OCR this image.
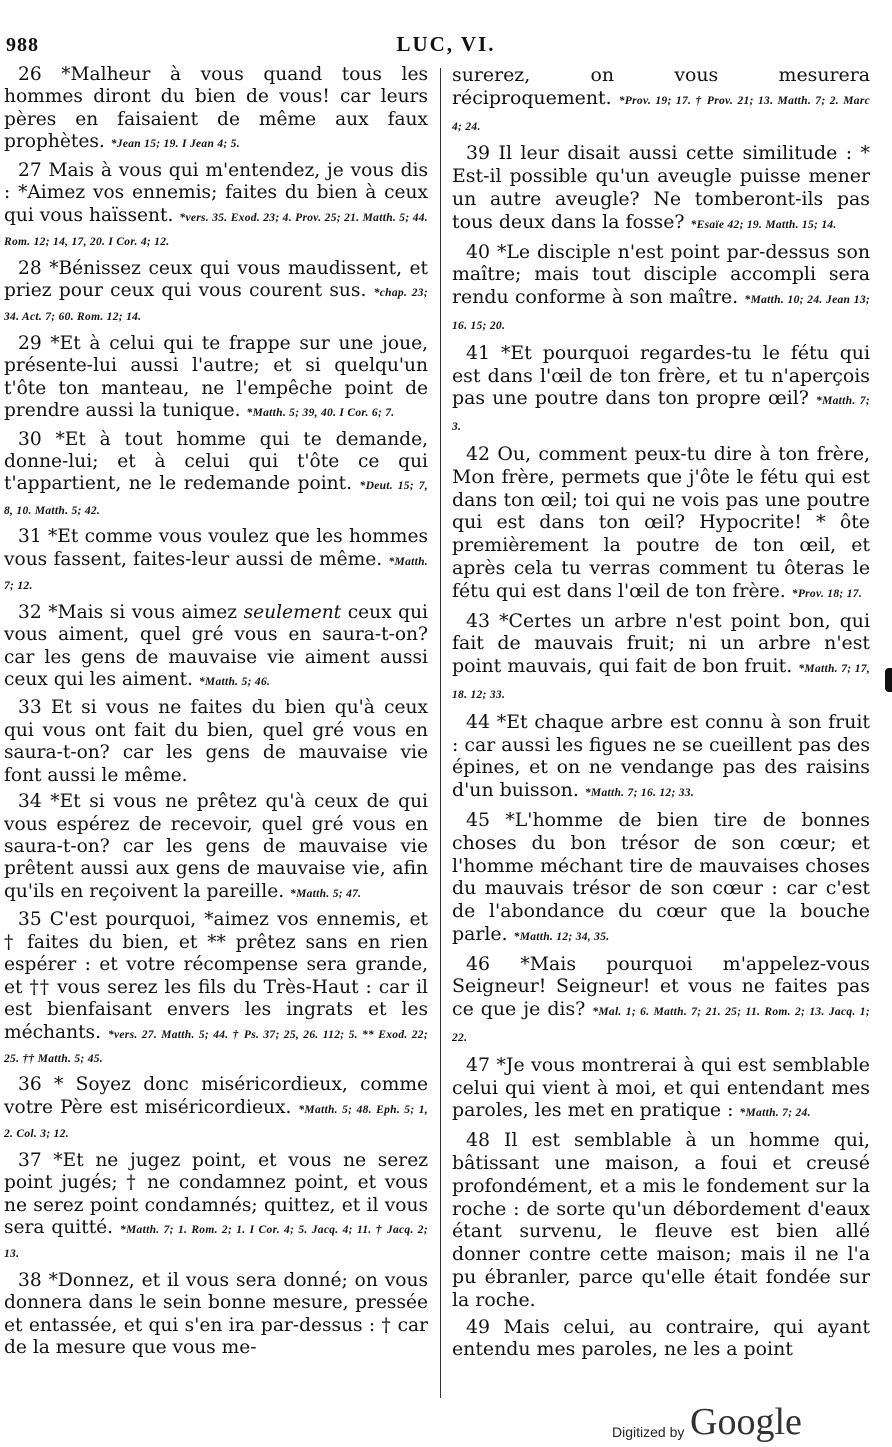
988	LUC, VI.

26 *Malheur à vous quand tous les hommes diront du bien de vous! car leurs pères en faisaient de même aux faux prophètes. *Jean 15; 19. I Jean 4; 5.

27 Mais à vous qui m'entendez, je vous dis : *Aimez vos ennemis; faites du bien à ceux qui vous haïssent. *vers. 35. Exod. 23; 4. Prov. 25; 21. Matth. 5; 44. Rom. 12; 14, 17, 20. I Cor. 4; 12.

28 *Bénissez ceux qui vous maudissent, et priez pour ceux qui vous courent sus. *chap. 23; 34. Act. 7; 60. Rom. 12; 14.

29 *Et à celui qui te frappe sur une joue, présente-lui aussi l'autre; et si quelqu'un t'ôte ton manteau, ne l'empêche point de prendre aussi la tunique. *Matth. 5; 39, 40. I Cor. 6; 7.

30 *Et à tout homme qui te demande, donne-lui; et à celui qui t'ôte ce qui t'appartient, ne le redemande point. *Deut. 15; 7, 8, 10. Matth. 5; 42.

31 *Et comme vous voulez que les hommes vous fassent, faites-leur aussi de même. *Matth. 7; 12.

32 *Mais si vous aimez seulement ceux qui vous aiment, quel gré vous en saura-t-on? car les gens de mauvaise vie aiment aussi ceux qui les aiment. *Matth. 5; 46.

33 Et si vous ne faites du bien qu'à ceux qui vous ont fait du bien, quel gré vous en saura-t-on? car les gens de mauvaise vie font aussi le même.

34 *Et si vous ne prêtez qu'à ceux de qui vous espérez de recevoir, quel gré vous en saura-t-on? car les gens de mauvaise vie prêtent aussi aux gens de mauvaise vie, afin qu'ils en reçoivent la pareille. *Matth. 5; 47.

35 C'est pourquoi, *aimez vos ennemis, et † faites du bien, et ** prêtez sans en rien espérer : et votre récompense sera grande, et †† vous serez les fils du Très-Haut : car il est bienfaisant envers les ingrats et les méchants. *vers. 27. Matth. 5; 44. † Ps. 37; 25, 26. 112; 5. ** Exod. 22; 25. †† Matth. 5; 45.

36 * Soyez donc miséricordieux, comme votre Père est miséricordieux. *Matth. 5; 48. Eph. 5; 1, 2. Col. 3; 12.

37 *Et ne jugez point, et vous ne serez point jugés; † ne condamnez point, et vous ne serez point condamnés; quittez, et il vous sera quitté. *Matth. 7; 1. Rom. 2; 1. I Cor. 4; 5. Jacq. 4; 11. † Jacq. 2; 13.

38 *Donnez, et il vous sera donné; on vous donnera dans le sein bonne mesure, pressée et entassée, et qui s'en ira par-dessus : † car de la mesure que vous me-

surerez, on vous mesurera réciproquement. *Prov. 19; 17. † Prov. 21; 13. Matth. 7; 2. Marc 4; 24.

39 Il leur disait aussi cette similitude : * Est-il possible qu'un aveugle puisse mener un autre aveugle? Ne tomberont-ils pas tous deux dans la fosse? *Esaïe 42; 19. Matth. 15; 14.

40 *Le disciple n'est point par-dessus son maître; mais tout disciple accompli sera rendu conforme à son maître. *Matth. 10; 24. Jean 13; 16. 15; 20.

41 *Et pourquoi regardes-tu le fétu qui est dans l'œil de ton frère, et tu n'aperçois pas une poutre dans ton propre œil? *Matth. 7; 3.

42 Ou, comment peux-tu dire à ton frère, Mon frère, permets que j'ôte le fétu qui est dans ton œil; toi qui ne vois pas une poutre qui est dans ton œil? Hypocrite! * ôte premièrement la poutre de ton œil, et après cela tu verras comment tu ôteras le fétu qui est dans l'œil de ton frère. *Prov. 18; 17.

43 *Certes un arbre n'est point bon, qui fait de mauvais fruit; ni un arbre n'est point mauvais, qui fait de bon fruit. *Matth. 7; 17, 18. 12; 33.

44 *Et chaque arbre est connu à son fruit : car aussi les figues ne se cueillent pas des épines, et on ne vendange pas des raisins d'un buisson. *Matth. 7; 16. 12; 33.

45 *L'homme de bien tire de bonnes choses du bon trésor de son cœur; et l'homme méchant tire de mauvaises choses du mauvais trésor de son cœur : car c'est de l'abondance du cœur que la bouche parle. *Matth. 12; 34, 35.

46 *Mais pourquoi m'appelez-vous Seigneur! Seigneur! et vous ne faites pas ce que je dis? *Mal. 1; 6. Matth. 7; 21. 25; 11. Rom. 2; 13. Jacq. 1; 22.

47 *Je vous montrerai à qui est semblable celui qui vient à moi, et qui entendant mes paroles, les met en pratique : *Matth. 7; 24.

48 Il est semblable à un homme qui, bâtissant une maison, a foui et creusé profondément, et a mis le fondement sur la roche : de sorte qu'un débordement d'eaux étant survenu, le fleuve est bien allé donner contre cette maison; mais il ne l'a pu ébranler, parce qu'elle était fondée sur la roche.

49 Mais celui, au contraire, qui ayant entendu mes paroles, ne les a point

Digitized by Google
